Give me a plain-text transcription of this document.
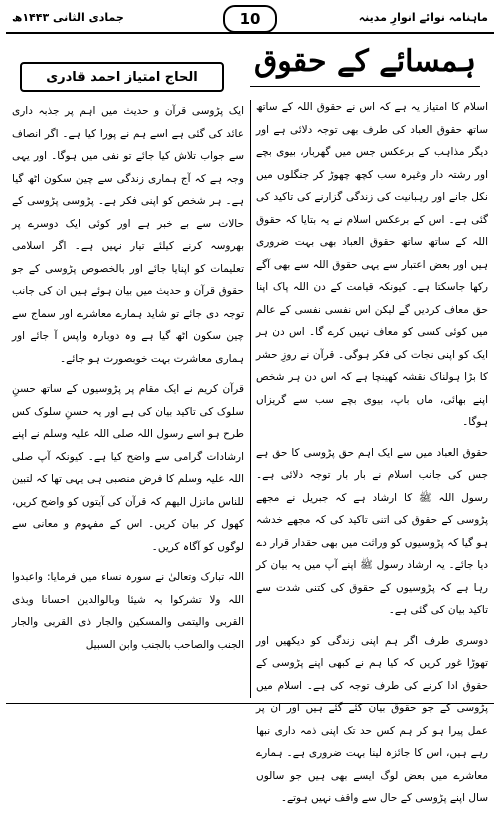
ماہنامہ نوائے انوارِ مدینہ
جمادی الثانی ۱۴۴۳ھ	10
ہمسائے کے حقوق
الحاج امتیاز احمد قادری

اسلام کا امتیاز یہ ہے کہ اس نے حقوق اللہ کے ساتھ ساتھ حقوق العباد کی طرف بھی توجہ دلائی ہے اور دیگر مذاہب کے برعکس جس میں گھربار، بیوی بچے اور رشتہ دار وغیرہ سب کچھ چھوڑ کر جنگلوں میں نکل جانے اور رہبانیت کی زندگی گزارنے کی تاکید کی گئی ہے۔ اس کے برعکس اسلام نے یہ بتایا کہ حقوق اللہ کے ساتھ ساتھ حقوق العباد بھی بہت ضروری ہیں اور بعض اعتبار سے یہی حقوق اللہ سے بھی آگے رکھا جاسکتا ہے۔ کیونکہ قیامت کے دن اللہ پاک اپنا حق معاف کردیں گے لیکن اس نفسی نفسی کے عالم میں کوئی کسی کو معاف نہیں کرے گا۔ اس دن ہر ایک کو اپنی نجات کی فکر ہوگی۔ قرآن نے روزِ حشر کا بڑا ہولناک نقشہ کھینچا ہے کہ اس دن ہر شخص اپنے بھائی، ماں باپ، بیوی بچے سب سے گریزاں ہوگا۔

حقوق العباد میں سے ایک اہم حق پڑوسی کا حق ہے جس کی جانب اسلام نے بار بار توجہ دلائی ہے۔ رسول اللہ ﷺ کا ارشاد ہے کہ جبریل نے مجھے پڑوسی کے حقوق کی اتنی تاکید کی کہ مجھے خدشہ ہو گیا کہ پڑوسیوں کو وراثت میں بھی حقدار قرار دے دیا جائے۔ یہ ارشاد رسول ﷺ اپنے آپ میں یہ بیان کر رہا ہے کہ پڑوسیوں کے حقوق کی کتنی شدت سے تاکید بیان کی گئی ہے۔

دوسری طرف اگر ہم اپنی زندگی کو دیکھیں اور تھوڑا غور کریں کہ کیا ہم نے کبھی اپنے پڑوسی کے حقوق ادا کرنے کی طرف توجہ کی ہے۔ اسلام میں پڑوسی کے جو حقوق بیان کئے گئے ہیں اور ان پر عمل پیرا ہو کر ہم کس حد تک اپنی ذمہ داری نبھا رہے ہیں، اس کا جائزہ لینا بہت ضروری ہے۔ ہمارے معاشرے میں بعض لوگ ایسے بھی ہیں جو سالوں سال اپنے پڑوسی کے حال سے واقف نہیں ہوتے۔

ایک پڑوسی قرآن و حدیث میں اہم پر جذبہ داری عائد کی گئی ہے اسے ہم نے پورا کیا ہے۔ اگر انصاف سے جواب تلاش کیا جائے تو نفی میں ہوگا۔ اور یہی وجہ ہے کہ آج ہماری زندگی سے چین سکون اٹھ گیا ہے۔ ہر شخص کو اپنی فکر ہے۔ پڑوسی پڑوسی کے حالات سے بے خبر ہے اور کوئی ایک دوسرے پر بھروسہ کرنے کیلئے تیار نہیں ہے۔ اگر اسلامی تعلیمات کو اپنایا جائے اور بالخصوص پڑوسی کے جو حقوق قرآن و حدیث میں بیان ہوئے ہیں ان کی جانب توجہ دی جائے تو شاید ہمارے معاشرے اور سماج سے چین سکون اٹھ گیا ہے وہ دوبارہ واپس آ جائے اور ہماری معاشرت بہت خوبصورت ہو جائے۔

قرآن کریم نے ایک مقام پر پڑوسیوں کے ساتھ حسنِ سلوک کی تاکید بیان کی ہے اور یہ حسنِ سلوک کس طرح ہو اسے رسول اللہ صلی اللہ علیہ وسلم نے اپنے ارشادات گرامی سے واضح کیا ہے۔ کیونکہ آپ صلی اللہ علیہ وسلم کا فرض منصبی ہی یہی تھا کہ لتبین للناس مانزل الیھم کہ قرآن کی آیتوں کو واضح کریں، کھول کر بیان کریں۔ اس کے مفہوم و معانی سے لوگوں کو آگاہ کریں۔

اللہ تبارک وتعالیٰ نے سورہ نساء میں فرمایا: واعبدوا اللہ ولا تشرکوا بہ شیئا وبالوالدین احسانا وبذی القربی والیتمی والمسکین والجار ذی القربی والجار الجنب والصاحب بالجنب وابن السبیل
